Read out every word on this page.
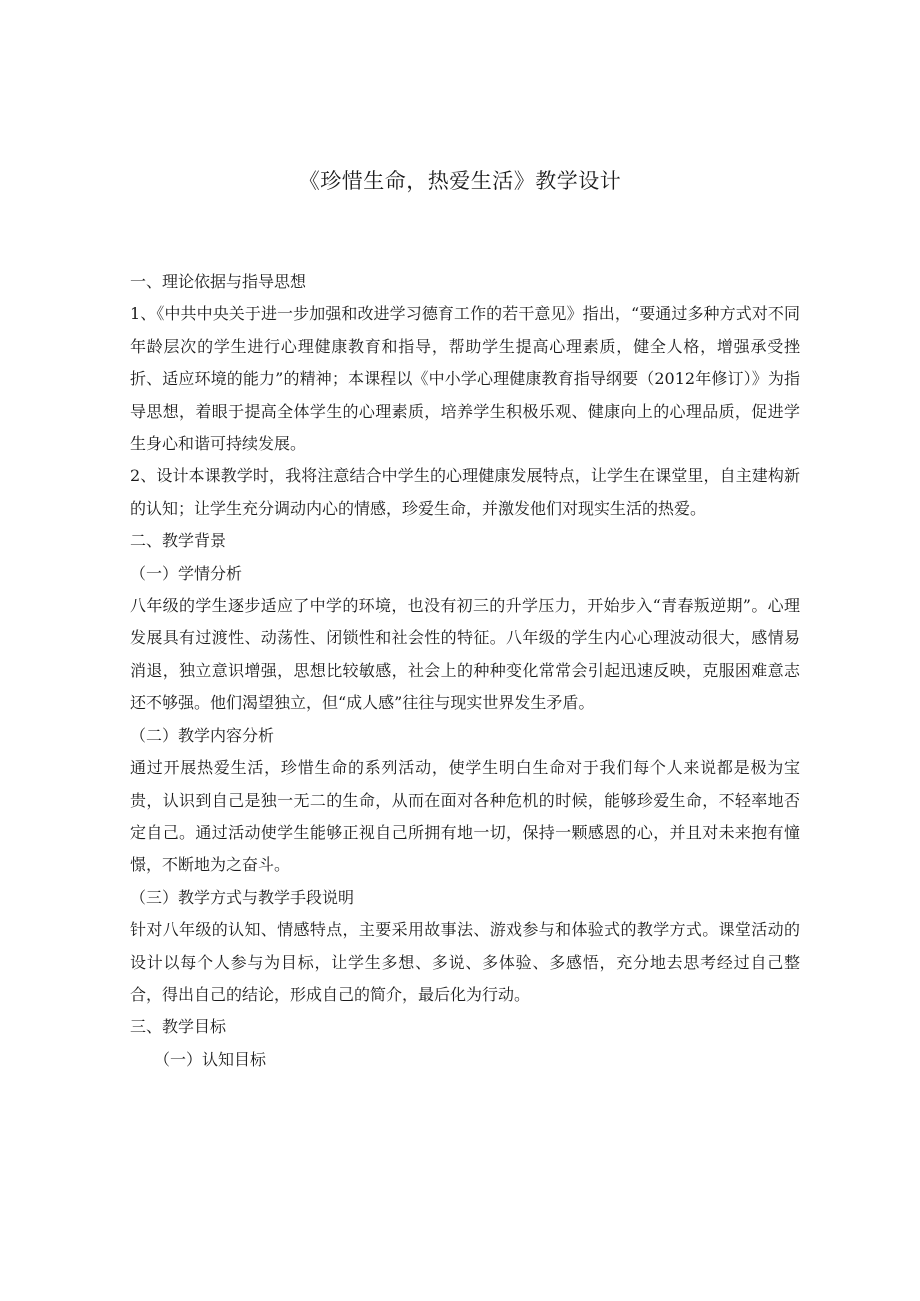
《珍惜生命，热爱生活》教学设计

一、理论依据与指导思想

1、《中共中央关于进一步加强和改进学习德育工作的若干意见》指出，“要通过多种方式对不同年龄层次的学生进行心理健康教育和指导，帮助学生提高心理素质，健全人格，增强承受挫折、适应环境的能力”的精神；本课程以《中小学心理健康教育指导纲要（2012年修订）》为指导思想，着眼于提高全体学生的心理素质，培养学生积极乐观、健康向上的心理品质，促进学生身心和谐可持续发展。

2、设计本课教学时，我将注意结合中学生的心理健康发展特点，让学生在课堂里，自主建构新的认知；让学生充分调动内心的情感，珍爱生命，并激发他们对现实生活的热爱。

二、教学背景

（一）学情分析

八年级的学生逐步适应了中学的环境，也没有初三的升学压力，开始步入“青春叛逆期”。心理发展具有过渡性、动荡性、闭锁性和社会性的特征。八年级的学生内心心理波动很大，感情易消退，独立意识增强，思想比较敏感，社会上的种种变化常常会引起迅速反映，克服困难意志还不够强。他们渴望独立，但“成人感”往往与现实世界发生矛盾。

（二）教学内容分析

通过开展热爱生活，珍惜生命的系列活动，使学生明白生命对于我们每个人来说都是极为宝贵，认识到自己是独一无二的生命，从而在面对各种危机的时候，能够珍爱生命，不轻率地否定自己。通过活动使学生能够正视自己所拥有地一切，保持一颗感恩的心，并且对未来抱有憧憬，不断地为之奋斗。

（三）教学方式与教学手段说明

针对八年级的认知、情感特点，主要采用故事法、游戏参与和体验式的教学方式。课堂活动的设计以每个人参与为目标，让学生多想、多说、多体验、多感悟，充分地去思考经过自己整合，得出自己的结论，形成自己的简介，最后化为行动。

三、教学目标

（一）认知目标
